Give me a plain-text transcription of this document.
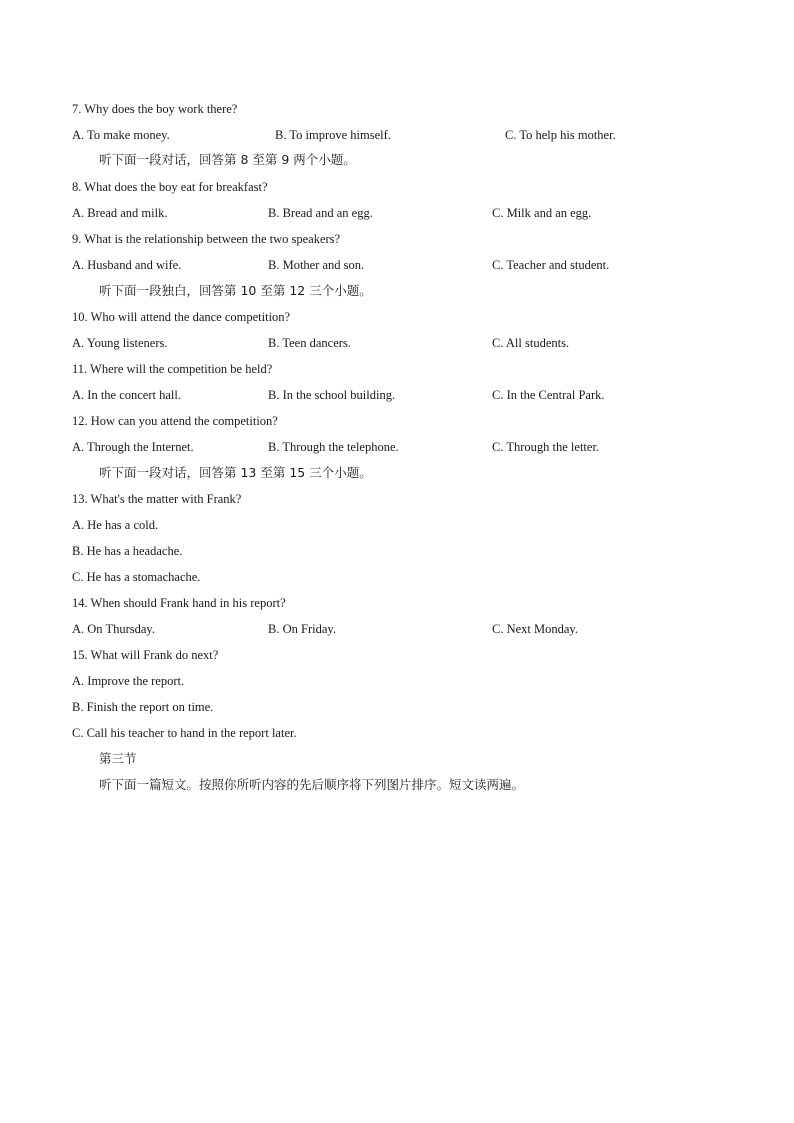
7. Why does the boy work there?
A. To make money.	B. To improve himself.	C. To help his mother.
听下面一段对话，回答第 8 至第 9 两个小题。
8. What does the boy eat for breakfast?
A. Bread and milk.	B. Bread and an egg.	C. Milk and an egg.
9. What is the relationship between the two speakers?
A. Husband and wife.	B. Mother and son.	C. Teacher and student.
听下面一段独白，回答第 10 至第 12 三个小题。
10. Who will attend the dance competition?
A. Young listeners.	B. Teen dancers.	C. All students.
11. Where will the competition be held?
A. In the concert hall.	B. In the school building.	C. In the Central Park.
12. How can you attend the competition?
A. Through the Internet.	B. Through the telephone.	C. Through the letter.
听下面一段对话，回答第 13 至第 15 三个小题。
13. What's the matter with Frank?
A. He has a cold.
B. He has a headache.
C. He has a stomachache.
14. When should Frank hand in his report?
A. On Thursday.	B. On Friday.	C. Next Monday.
15. What will Frank do next?
A. Improve the report.
B. Finish the report on time.
C. Call his teacher to hand in the report later.
第三节
听下面一篇短文。按照你所听内容的先后顺序将下列图片排序。短文读两遍。
